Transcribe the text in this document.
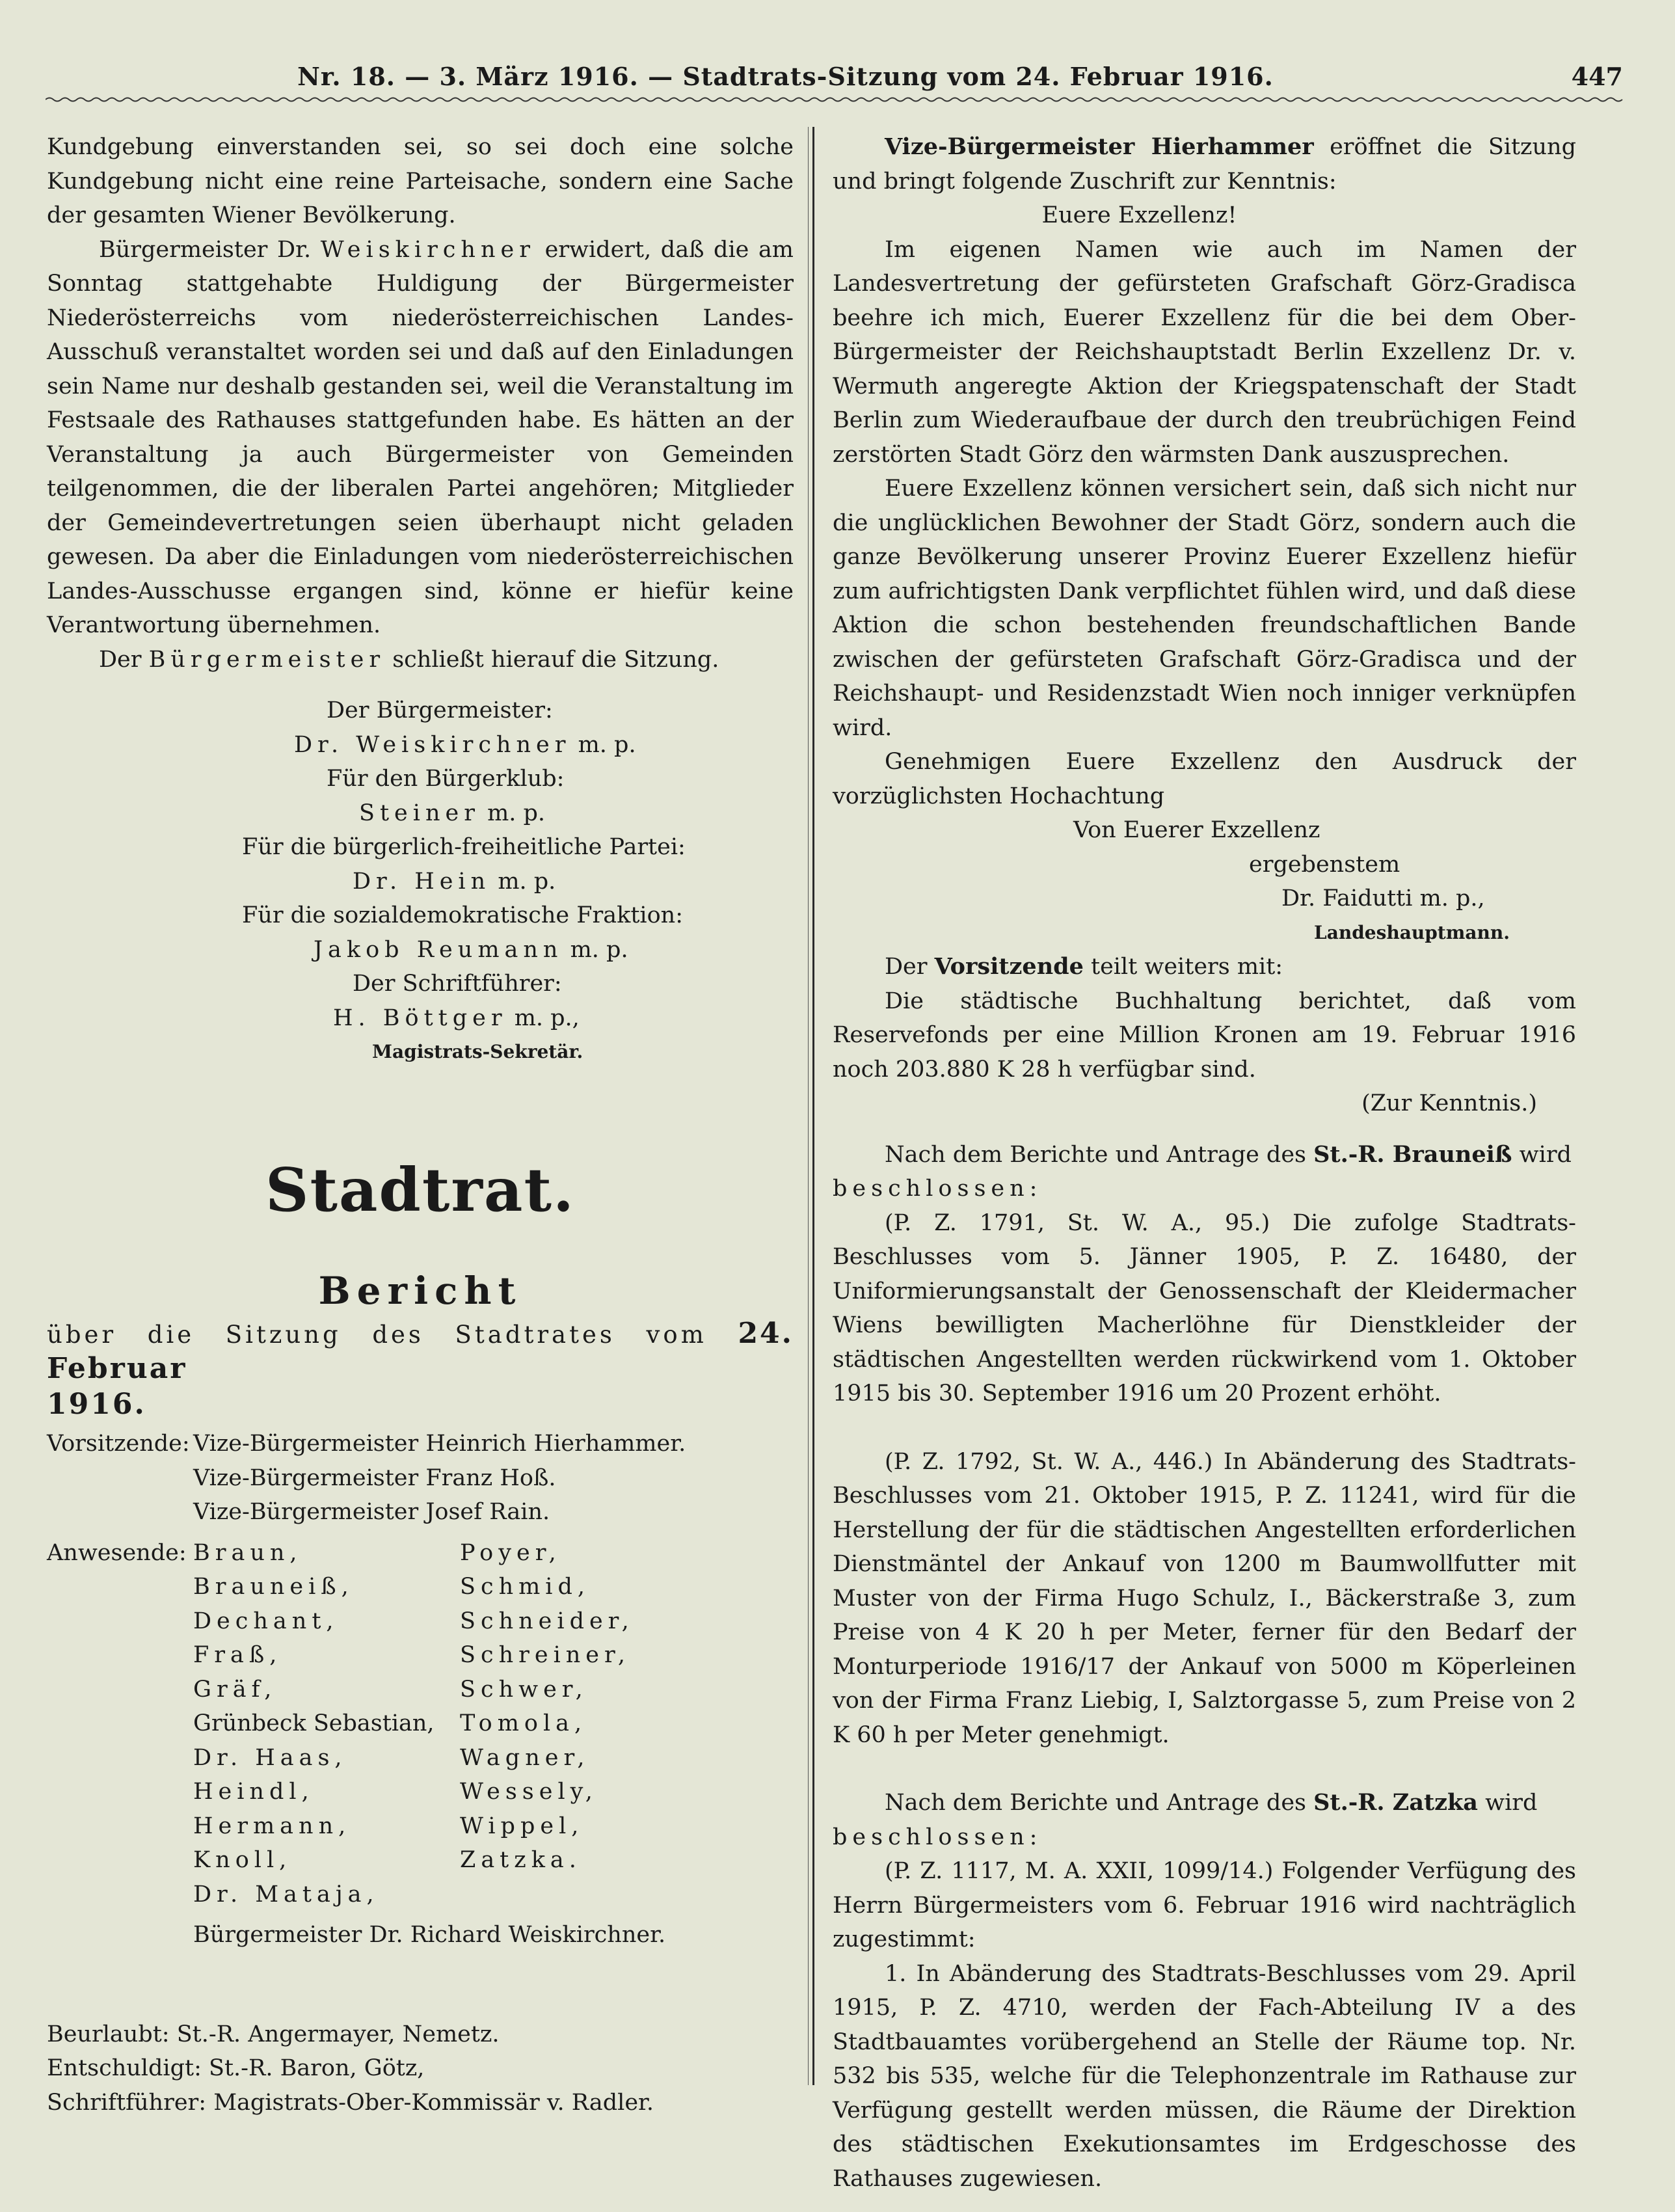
Nr. 18. — 3. März 1916. — Stadtrats-Sitzung vom 24. Februar 1916.	447

Kundgebung einverstanden sei, so sei doch eine solche Kundgebung nicht eine reine Parteisache, sondern eine Sache der gesamten Wiener Bevölkerung.

Bürgermeister Dr. Weiskirchner erwidert, daß die am Sonntag stattgehabte Huldigung der Bürgermeister Niederösterreichs vom niederösterreichischen Landes-Ausschuß veranstaltet worden sei und daß auf den Einladungen sein Name nur deshalb gestanden sei, weil die Veranstaltung im Festsaale des Rathauses stattgefunden habe. Es hätten an der Veranstaltung ja auch Bürgermeister von Gemeinden teilgenommen, die der liberalen Partei angehören; Mitglieder der Gemeindevertretungen seien überhaupt nicht geladen gewesen. Da aber die Einladungen vom niederösterreichischen Landes-Ausschusse ergangen sind, könne er hiefür keine Verantwortung übernehmen.

Der Bürgermeister schließt hierauf die Sitzung.

Der Bürgermeister:
Dr. Weiskirchner m. p.
Für den Bürgerklub:
Steiner m. p.
Für die bürgerlich-freiheitliche Partei:
Dr. Hein m. p.
Für die sozialdemokratische Fraktion:
Jakob Reumann m. p.
Der Schriftführer:
H. Böttger m. p.,
Magistrats-Sekretär.
Stadtrat.
Bericht

über die Sitzung des Stadtrates vom 24. Februar

1916.

Vorsitzende: Vize-Bürgermeister Heinrich Hierhammer.
Vize-Bürgermeister Franz Hoß.
Vize-Bürgermeister Josef Rain.
Anwesende:	Braun,	Poyer,
	Brauneiß,	Schmid,
	Dechant,	Schneider,
	Fraß,	Schreiner,
	Gräf,	Schwer,
	Grünbeck Sebastian,	Tomola,
	Dr. Haas,	Wagner,
	Heindl,	Wessely,
	Hermann,	Wippel,
	Knoll,	Zatzka.
	Dr. Mataja,	
	Bürgermeister Dr. Richard Weiskirchner.	
Beurlaubt: St.-R. Angermayer, Nemetz.
Entschuldigt: St.-R. Baron, Götz,
Schriftführer: Magistrats-Ober-Kommissär v. Radler.

Vize-Bürgermeister Hierhammer eröffnet die Sitzung und bringt folgende Zuschrift zur Kenntnis:

Euere Exzellenz!

Im eigenen Namen wie auch im Namen der Landesvertretung der gefürsteten Grafschaft Görz-Gradisca beehre ich mich, Euerer Exzellenz für die bei dem Ober-Bürgermeister der Reichshauptstadt Berlin Exzellenz Dr. v. Wermuth angeregte Aktion der Kriegspatenschaft der Stadt Berlin zum Wiederaufbaue der durch den treubrüchigen Feind zerstörten Stadt Görz den wärmsten Dank auszusprechen.

Euere Exzellenz können versichert sein, daß sich nicht nur die unglücklichen Bewohner der Stadt Görz, sondern auch die ganze Bevölkerung unserer Provinz Euerer Exzellenz hiefür zum aufrichtigsten Dank verpflichtet fühlen wird, und daß diese Aktion die schon bestehenden freundschaftlichen Bande zwischen der gefürsteten Grafschaft Görz-Gradisca und der Reichshaupt- und Residenzstadt Wien noch inniger verknüpfen wird.

Genehmigen Euere Exzellenz den Ausdruck der vorzüglichsten Hochachtung

Von Euerer Exzellenz
ergebenstem
Dr. Faidutti m. p.,
Landeshauptmann.

Der Vorsitzende teilt weiters mit:

Die städtische Buchhaltung berichtet, daß vom Reservefonds per eine Million Kronen am 19. Februar 1916 noch 203.880 K 28 h verfügbar sind.

(Zur Kenntnis.)

Nach dem Berichte und Antrage des St.-R. Brauneiß wird

beschlossen:

(P. Z. 1791, St. W. A., 95.) Die zufolge Stadtrats-Beschlusses vom 5. Jänner 1905, P. Z. 16480, der Uniformierungsanstalt der Genossenschaft der Kleidermacher Wiens bewilligten Macherlöhne für Dienstkleider der städtischen Angestellten werden rückwirkend vom 1. Oktober 1915 bis 30. September 1916 um 20 Prozent erhöht.

(P. Z. 1792, St. W. A., 446.) In Abänderung des Stadtrats-Beschlusses vom 21. Oktober 1915, P. Z. 11241, wird für die Herstellung der für die städtischen Angestellten erforderlichen Dienstmäntel der Ankauf von 1200 m Baumwollfutter mit Muster von der Firma Hugo Schulz, I., Bäckerstraße 3, zum Preise von 4 K 20 h per Meter, ferner für den Bedarf der Monturperiode 1916/17 der Ankauf von 5000 m Köperleinen von der Firma Franz Liebig, I, Salztorgasse 5, zum Preise von 2 K 60 h per Meter genehmigt.

Nach dem Berichte und Antrage des St.-R. Zatzka wird

beschlossen:

(P. Z. 1117, M. A. XXII, 1099/14.) Folgender Verfügung des Herrn Bürgermeisters vom 6. Februar 1916 wird nachträglich zugestimmt:

1. In Abänderung des Stadtrats-Beschlusses vom 29. April 1915, P. Z. 4710, werden der Fach-Abteilung IV a des Stadtbauamtes vorübergehend an Stelle der Räume top. Nr. 532 bis 535, welche für die Telephonzentrale im Rathause zur Verfügung gestellt werden müssen, die Räume der Direktion des städtischen Exekutionsamtes im Erdgeschosse des Rathauses zugewiesen.
